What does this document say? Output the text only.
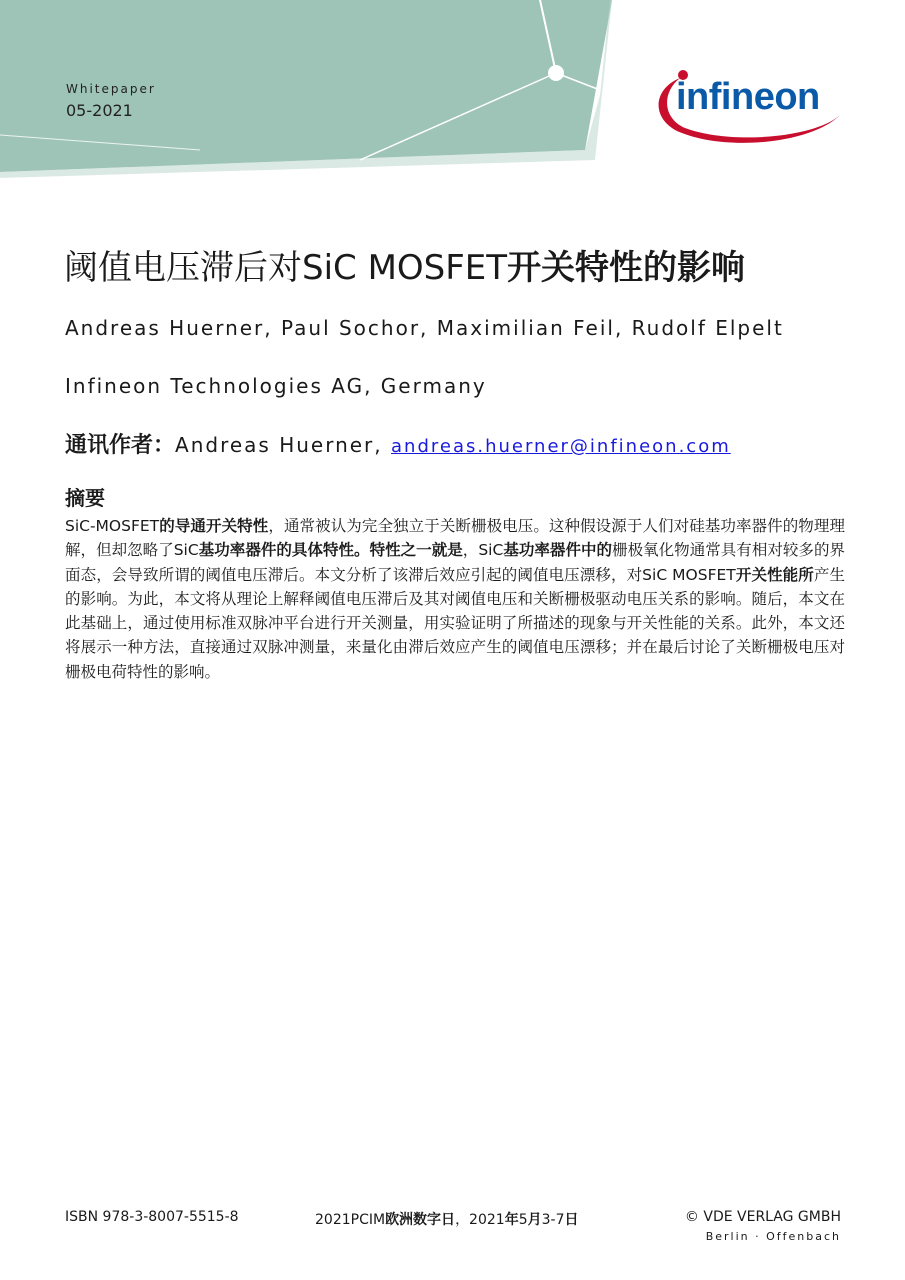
Whitepaper
05-2021	infineon
阈值电压滞后对SiC MOSFET开关特性的影响
Andreas Huerner, Paul Sochor, Maximilian Feil, Rudolf Elpelt
Infineon Technologies AG, Germany
通讯作者：Andreas Huerner, andreas.huerner@infineon.com
摘要
SiC-MOSFET的导通开关特性，通常被认为完全独立于关断栅极电压。这种假设源于人们对硅基功率器件的物理理解，但却忽略了SiC基功率器件的具体特性。特性之一就是，SiC基功率器件中的栅极氧化物通常具有相对较多的界面态，会导致所谓的阈值电压滞后。本文分析了该滞后效应引起的阈值电压漂移，对SiC MOSFET开关性能所产生的影响。为此，本文将从理论上解释阈值电压滞后及其对阈值电压和关断栅极驱动电压关系的影响。随后，本文在此基础上，通过使用标准双脉冲平台进行开关测量，用实验证明了所描述的现象与开关性能的关系。此外，本文还将展示一种方法，直接通过双脉冲测量，来量化由滞后效应产生的阈值电压漂移；并在最后讨论了关断栅极电压对栅极电荷特性的影响。
ISBN 978-3-8007-5515-8	2021PCIM欧洲数字日，2021年5月3-7日	© VDE VERLAG GMBH
Berlin · Offenbach
